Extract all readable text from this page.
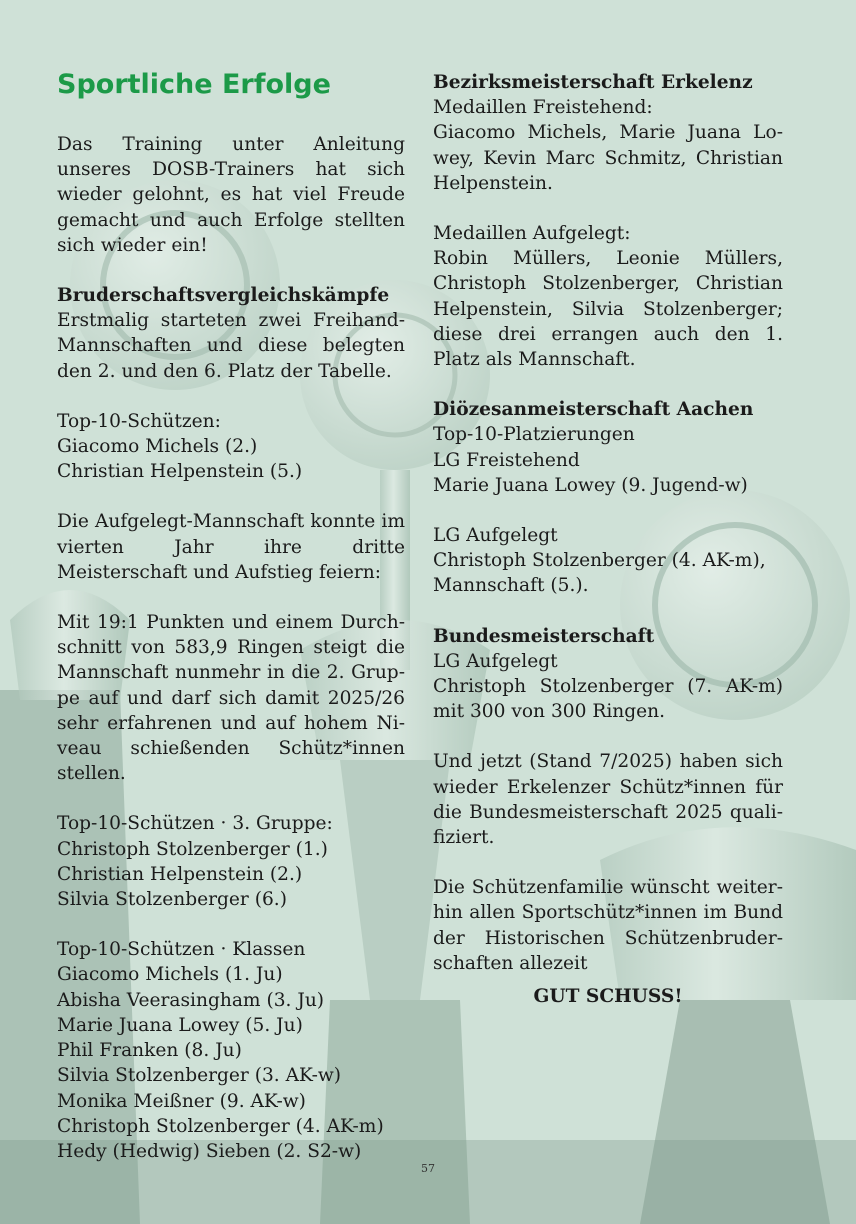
Sportliche Erfolge

Das Training unter Anleitung unseres DOSB-Trainers hat sich wieder gelohnt, es hat viel Freude gemacht und auch Erfolge stellten sich wieder ein!

Bruderschaftsvergleichskämpfe

Erstmalig starteten zwei Freihand-Mannschaften und diese belegten den 2. und den 6. Platz der Tabelle.

Top-10-Schützen:
Giacomo Michels (2.)
Christian Helpenstein (5.)

Die Aufgelegt-Mannschaft konnte im vierten Jahr ihre dritte Meisterschaft und Aufstieg feiern:

Mit 19:1 Punkten und einem Durchschnitt von 583,9 Ringen steigt die Mannschaft nunmehr in die 2. Gruppe auf und darf sich damit 2025/26 sehr erfahrenen und auf hohem Niveau schießenden Schütz*innen stellen.

Top-10-Schützen · 3. Gruppe:
Christoph Stolzenberger (1.)
Christian Helpenstein (2.)
Silvia Stolzenberger (6.)
Top-10-Schützen · Klassen
Giacomo Michels (1. Ju)
Abisha Veerasingham (3. Ju)
Marie Juana Lowey (5. Ju)
Phil Franken (8. Ju)
Silvia Stolzenberger (3. AK-w)
Monika Meißner (9. AK-w)
Christoph Stolzenberger (4. AK-m)
Hedy (Hedwig) Sieben (2. S2-w)
Bezirksmeisterschaft Erkelenz
Medaillen Freistehend:

Giacomo Michels, Marie Juana Lowey, Kevin Marc Schmitz, Christian Helpenstein.

Medaillen Aufgelegt:

Robin Müllers, Leonie Müllers, Christoph Stolzenberger, Christian Helpenstein, Silvia Stolzenberger; diese drei errangen auch den 1. Platz als Mannschaft.

Diözesanmeisterschaft Aachen
Top-10-Platzierungen
LG Freistehend
Marie Juana Lowey (9. Jugend-w)
LG Aufgelegt

Christoph Stolzenberger (4. AK-m), Mannschaft (5.).

Bundesmeisterschaft
LG Aufgelegt

Christoph Stolzenberger (7. AK-m) mit 300 von 300 Ringen.

Und jetzt (Stand 7/2025) haben sich wieder Erkelenzer Schütz*innen für die Bundesmeisterschaft 2025 qualifiziert.

Die Schützenfamilie wünscht weiterhin allen Sportschütz*innen im Bund der Historischen Schützenbruderschaften allezeit

GUT SCHUSS!
57
